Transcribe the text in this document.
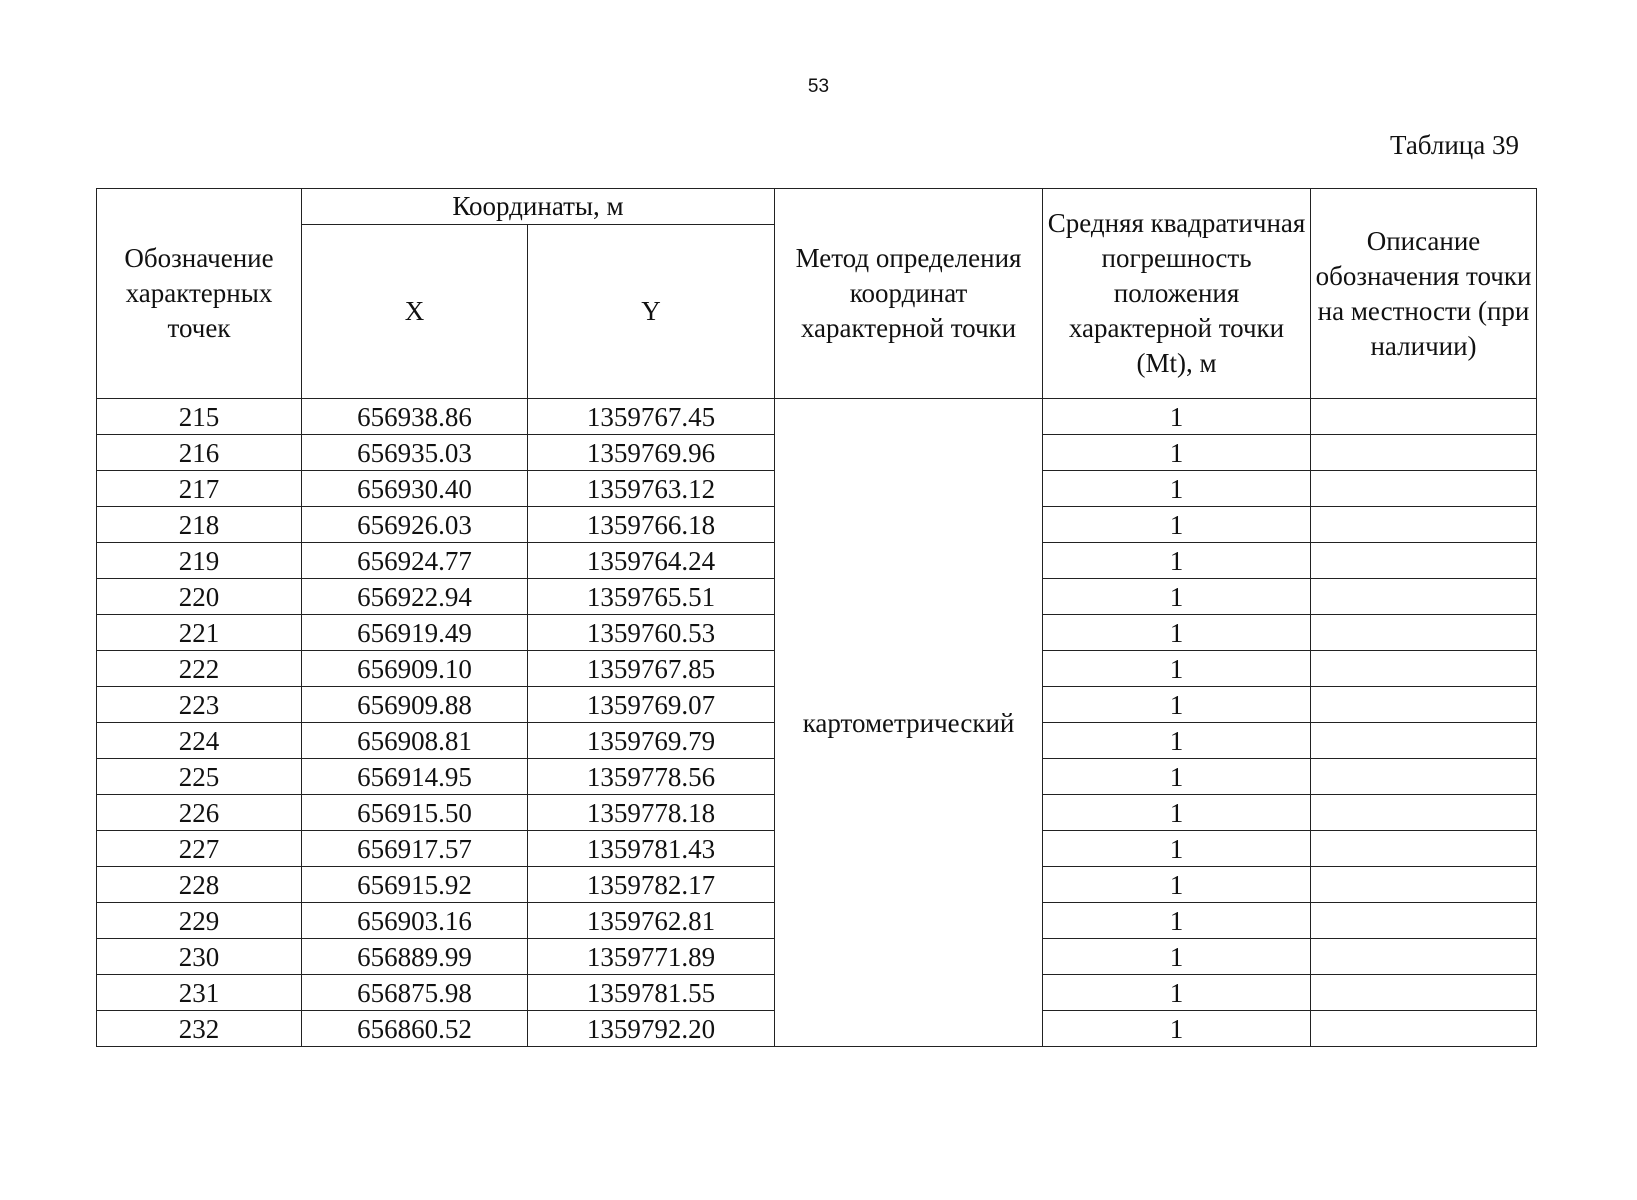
53
Таблица 39
Обозначение характерных точек	Координаты, м		Метод определения координат характерной точки	Средняя квадратичная погрешность положения характерной точки (Mt), м	Описание обозначения точки на местности (при наличии)
	X	Y			
215	656938.86	1359767.45	картометрический	1	
216	656935.03	1359769.96		1	
217	656930.40	1359763.12		1	
218	656926.03	1359766.18		1	
219	656924.77	1359764.24		1	
220	656922.94	1359765.51		1	
221	656919.49	1359760.53		1	
222	656909.10	1359767.85		1	
223	656909.88	1359769.07		1	
224	656908.81	1359769.79		1	
225	656914.95	1359778.56		1	
226	656915.50	1359778.18		1	
227	656917.57	1359781.43		1	
228	656915.92	1359782.17		1	
229	656903.16	1359762.81		1	
230	656889.99	1359771.89		1	
231	656875.98	1359781.55		1	
232	656860.52	1359792.20		1	
